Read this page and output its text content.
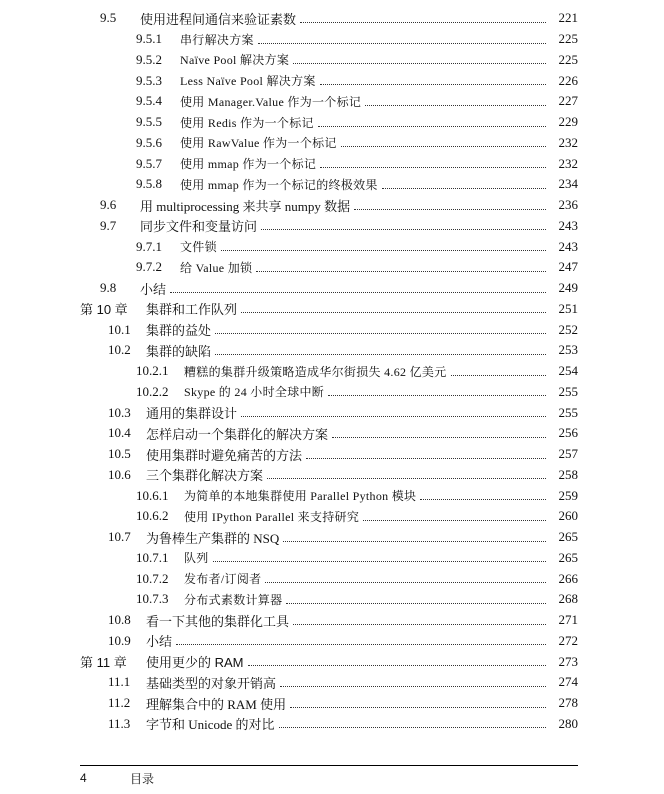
9.5	使用进程间通信来验证素数	221
9.5.1	串行解决方案	225
9.5.2	Naïve Pool 解决方案	225
9.5.3	Less Naïve Pool 解决方案	226
9.5.4	使用 Manager.Value 作为一个标记	227
9.5.5	使用 Redis 作为一个标记	229
9.5.6	使用 RawValue 作为一个标记	232
9.5.7	使用 mmap 作为一个标记	232
9.5.8	使用 mmap 作为一个标记的终极效果	234
9.6	用 multiprocessing 来共享 numpy 数据	236
9.7	同步文件和变量访问	243
9.7.1	文件锁	243
9.7.2	给 Value 加锁	247
9.8	小结	249
第 10 章	集群和工作队列	251
10.1	集群的益处	252
10.2	集群的缺陷	253
10.2.1	糟糕的集群升级策略造成华尔街损失 4.62 亿美元	254
10.2.2	Skype 的 24 小时全球中断	255
10.3	通用的集群设计	255
10.4	怎样启动一个集群化的解决方案	256
10.5	使用集群时避免痛苦的方法	257
10.6	三个集群化解决方案	258
10.6.1	为简单的本地集群使用 Parallel Python 模块	259
10.6.2	使用 IPython Parallel 来支持研究	260
10.7	为鲁棒生产集群的 NSQ	265
10.7.1	队列	265
10.7.2	发布者/订阅者	266
10.7.3	分布式素数计算器	268
10.8	看一下其他的集群化工具	271
10.9	小结	272
第 11 章	使用更少的 RAM	273
11.1	基础类型的对象开销高	274
11.2	理解集合中的 RAM 使用	278
11.3	字节和 Unicode 的对比	280
4	目录
